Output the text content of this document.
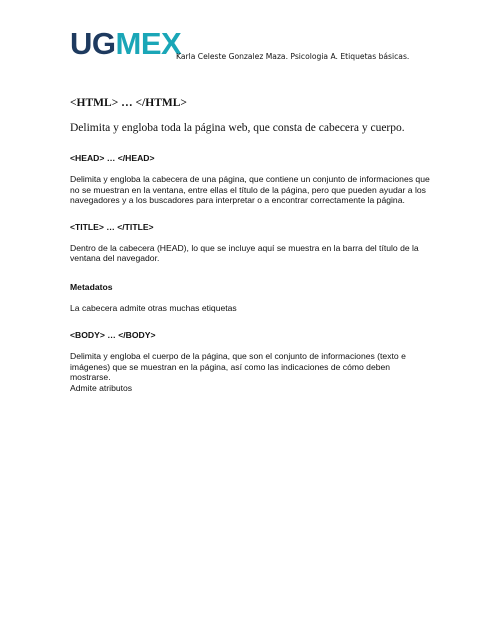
UGMEX
Karla Celeste Gonzalez Maza. Psicologia A. Etiquetas básicas.

<HTML> … </HTML>

Delimita y engloba toda la página web, que consta de cabecera y cuerpo.

<HEAD> … </HEAD>

Delimita y engloba la cabecera de una página, que contiene un conjunto de informaciones que no se muestran en la ventana, entre ellas el título de la página, pero que pueden ayudar a los navegadores y a los buscadores para interpretar o a encontrar correctamente la página.

<TITLE> … </TITLE>

Dentro de la cabecera (HEAD), lo que se incluye aquí se muestra en la barra del título de la ventana del navegador.

Metadatos

La cabecera admite otras muchas etiquetas

<BODY> … </BODY>

Delimita y engloba el cuerpo de la página, que son el conjunto de informaciones (texto e imágenes) que se muestran en la página, así como las indicaciones de cómo deben mostrarse.

Admite atributos
